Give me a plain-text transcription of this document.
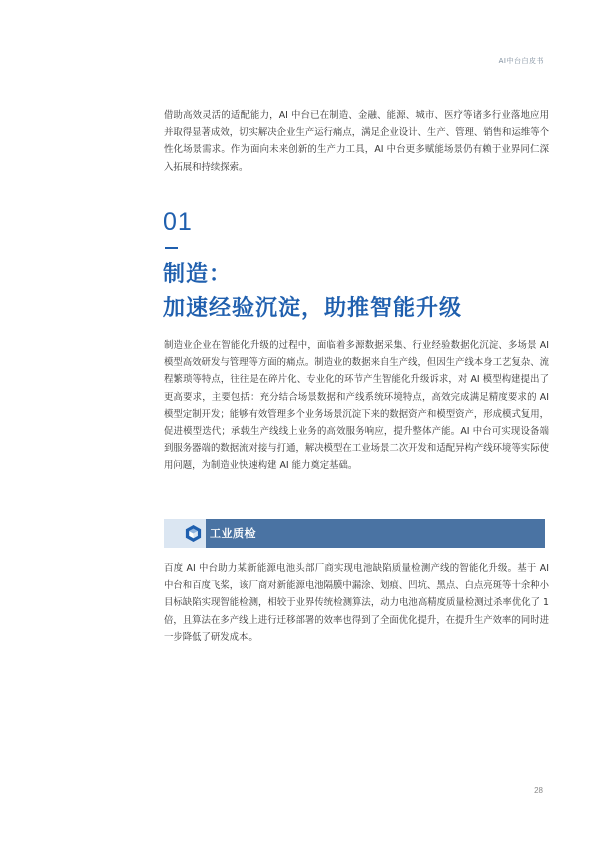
AI中台白皮书

借助高效灵活的适配能力，AI 中台已在制造、金融、能源、城市、医疗等诸多行业落地应用并取得显著成效，切实解决企业生产运行痛点，满足企业设计、生产、管理、销售和运维等个性化场景需求。作为面向未来创新的生产力工具，AI 中台更多赋能场景仍有赖于业界同仁深入拓展和持续探索。

01
制造：
加速经验沉淀，助推智能升级

制造业企业在智能化升级的过程中，面临着多源数据采集、行业经验数据化沉淀、多场景 AI 模型高效研发与管理等方面的痛点。制造业的数据来自生产线，但因生产线本身工艺复杂、流程繁琐等特点，往往是在碎片化、专业化的环节产生智能化升级诉求，对 AI 模型构建提出了更高要求，主要包括：充分结合场景数据和产线系统环境特点，高效完成满足精度要求的 AI 模型定制开发；能够有效管理多个业务场景沉淀下来的数据资产和模型资产，形成模式复用，促进模型迭代；承载生产线线上业务的高效服务响应，提升整体产能。AI 中台可实现设备端到服务器端的数据流对接与打通，解决模型在工业场景二次开发和适配异构产线环境等实际使用问题，为制造业快速构建 AI 能力奠定基础。

工业质检

百度 AI 中台助力某新能源电池头部厂商实现电池缺陷质量检测产线的智能化升级。基于 AI 中台和百度飞桨，该厂商对新能源电池隔膜中漏涂、划痕、凹坑、黑点、白点亮斑等十余种小目标缺陷实现智能检测，相较于业界传统检测算法，动力电池高精度质量检测过杀率优化了 1 倍，且算法在多产线上进行迁移部署的效率也得到了全面优化提升，在提升生产效率的同时进一步降低了研发成本。

28
